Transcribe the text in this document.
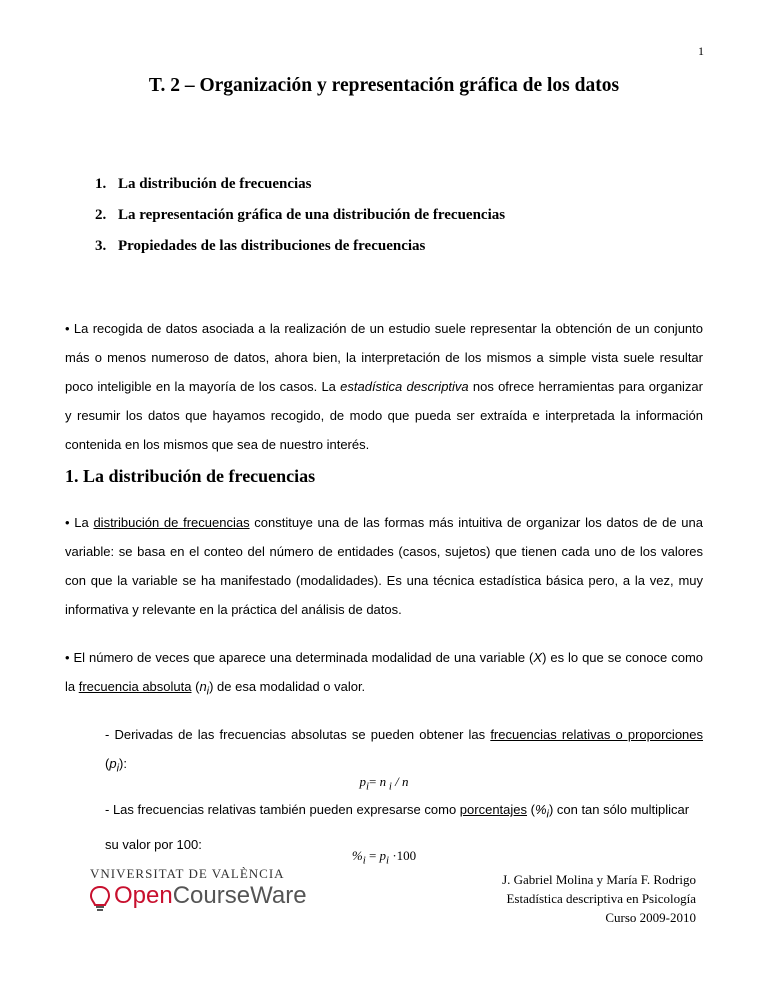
1
T. 2 – Organización y representación gráfica de los datos
1. La distribución de frecuencias
2. La representación gráfica de una distribución de frecuencias
3. Propiedades de las distribuciones de frecuencias

• La recogida de datos asociada a la realización de un estudio suele representar la obtención de un conjunto más o menos numeroso de datos, ahora bien, la interpretación de los mismos a simple vista suele resultar poco inteligible en la mayoría de los casos. La estadística descriptiva nos ofrece herramientas para organizar y resumir los datos que hayamos recogido, de modo que pueda ser extraída e interpretada la información contenida en los mismos que sea de nuestro interés.

1. La distribución de frecuencias

• La distribución de frecuencias constituye una de las formas más intuitiva de organizar los datos de de una variable: se basa en el conteo del número de entidades (casos, sujetos) que tienen cada uno de los valores con que la variable se ha manifestado (modalidades). Es una técnica estadística básica pero, a la vez, muy informativa y relevante en la práctica del análisis de datos.

• El número de veces que aparece una determinada modalidad de una variable (X) es lo que se conoce como la frecuencia absoluta $(n_i)$ de esa modalidad o valor.

- Derivadas de las frecuencias absolutas se pueden obtener las frecuencias relativas o proporciones $(p_i)$:

$p_i= n$ $_i$ / n

- Las frecuencias relativas también pueden expresarse como porcentajes $(\%_i)$ con tan sólo multiplicar su valor por 100:

$\%_i = p_i \cdot 100$

VNIVERSITAT DE VALÈNCIA
OpenCourseWare
J. Gabriel Molina y María F. Rodrigo
Estadística descriptiva en Psicología
Curso 2009-2010
